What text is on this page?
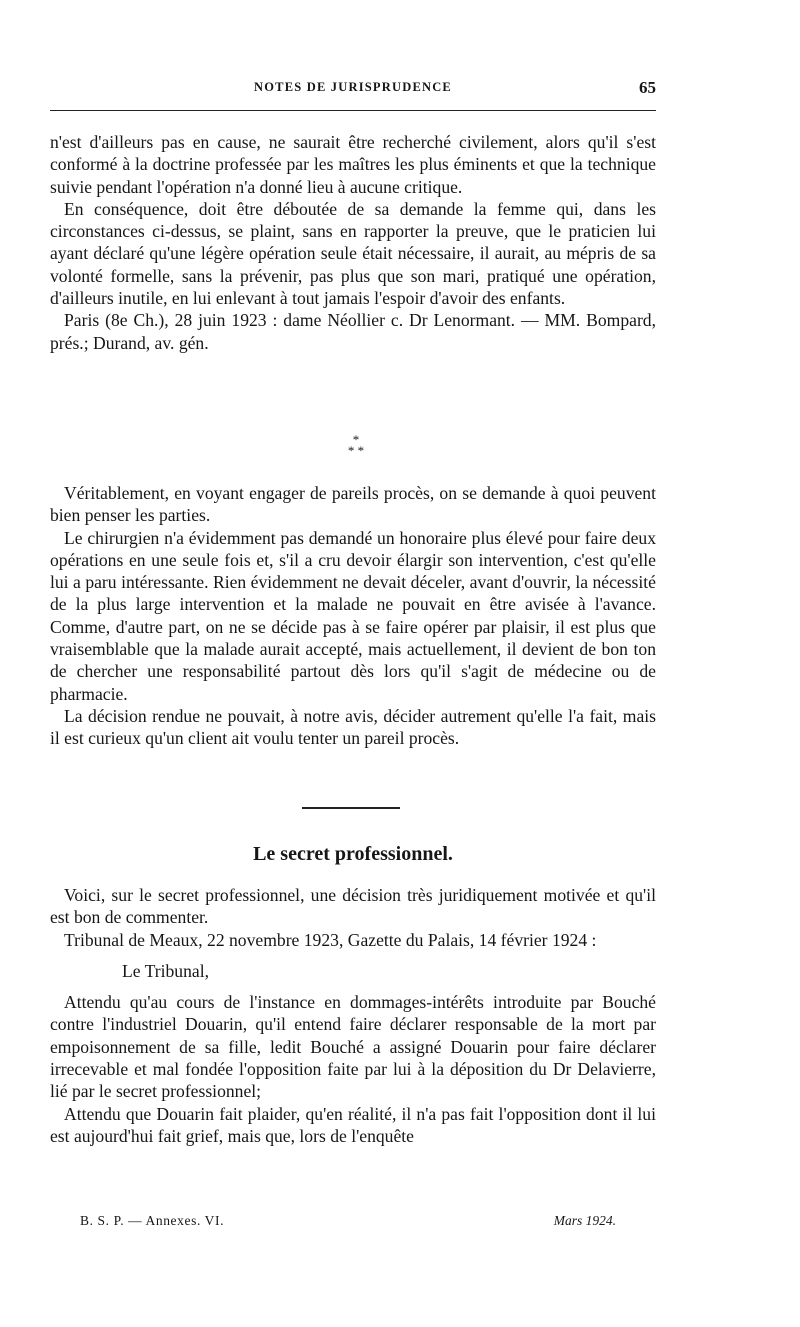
NOTES DE JURISPRUDENCE	65

n'est d'ailleurs pas en cause, ne saurait être recherché civilement, alors qu'il s'est conformé à la doctrine professée par les maîtres les plus éminents et que la technique suivie pendant l'opération n'a donné lieu à aucune critique.

En conséquence, doit être déboutée de sa demande la femme qui, dans les circonstances ci-dessus, se plaint, sans en rapporter la preuve, que le praticien lui ayant déclaré qu'une légère opération seule était nécessaire, il aurait, au mépris de sa volonté formelle, sans la prévenir, pas plus que son mari, pratiqué une opération, d'ailleurs inutile, en lui enlevant à tout jamais l'espoir d'avoir des enfants.

Paris (8e Ch.), 28 juin 1923 : dame Néollier c. Dr Lenormant. — MM. Bompard, prés.; Durand, av. gén.

*
* *

Véritablement, en voyant engager de pareils procès, on se demande à quoi peuvent bien penser les parties.

Le chirurgien n'a évidemment pas demandé un honoraire plus élevé pour faire deux opérations en une seule fois et, s'il a cru devoir élargir son intervention, c'est qu'elle lui a paru intéressante. Rien évidemment ne devait déceler, avant d'ouvrir, la nécessité de la plus large intervention et la malade ne pouvait en être avisée à l'avance. Comme, d'autre part, on ne se décide pas à se faire opérer par plaisir, il est plus que vraisemblable que la malade aurait accepté, mais actuellement, il devient de bon ton de chercher une responsabilité partout dès lors qu'il s'agit de médecine ou de pharmacie.

La décision rendue ne pouvait, à notre avis, décider autrement qu'elle l'a fait, mais il est curieux qu'un client ait voulu tenter un pareil procès.

Le secret professionnel.

Voici, sur le secret professionnel, une décision très juridiquement motivée et qu'il est bon de commenter.

Tribunal de Meaux, 22 novembre 1923, Gazette du Palais, 14 février 1924 :

Le Tribunal,

Attendu qu'au cours de l'instance en dommages-intérêts introduite par Bouché contre l'industriel Douarin, qu'il entend faire déclarer responsable de la mort par empoisonnement de sa fille, ledit Bouché a assigné Douarin pour faire déclarer irrecevable et mal fondée l'opposition faite par lui à la déposition du Dr Delavierre, lié par le secret professionnel;

Attendu que Douarin fait plaider, qu'en réalité, il n'a pas fait l'opposition dont il lui est aujourd'hui fait grief, mais que, lors de l'enquête

B. S. P. — Annexes. VI.	Mars 1924.
